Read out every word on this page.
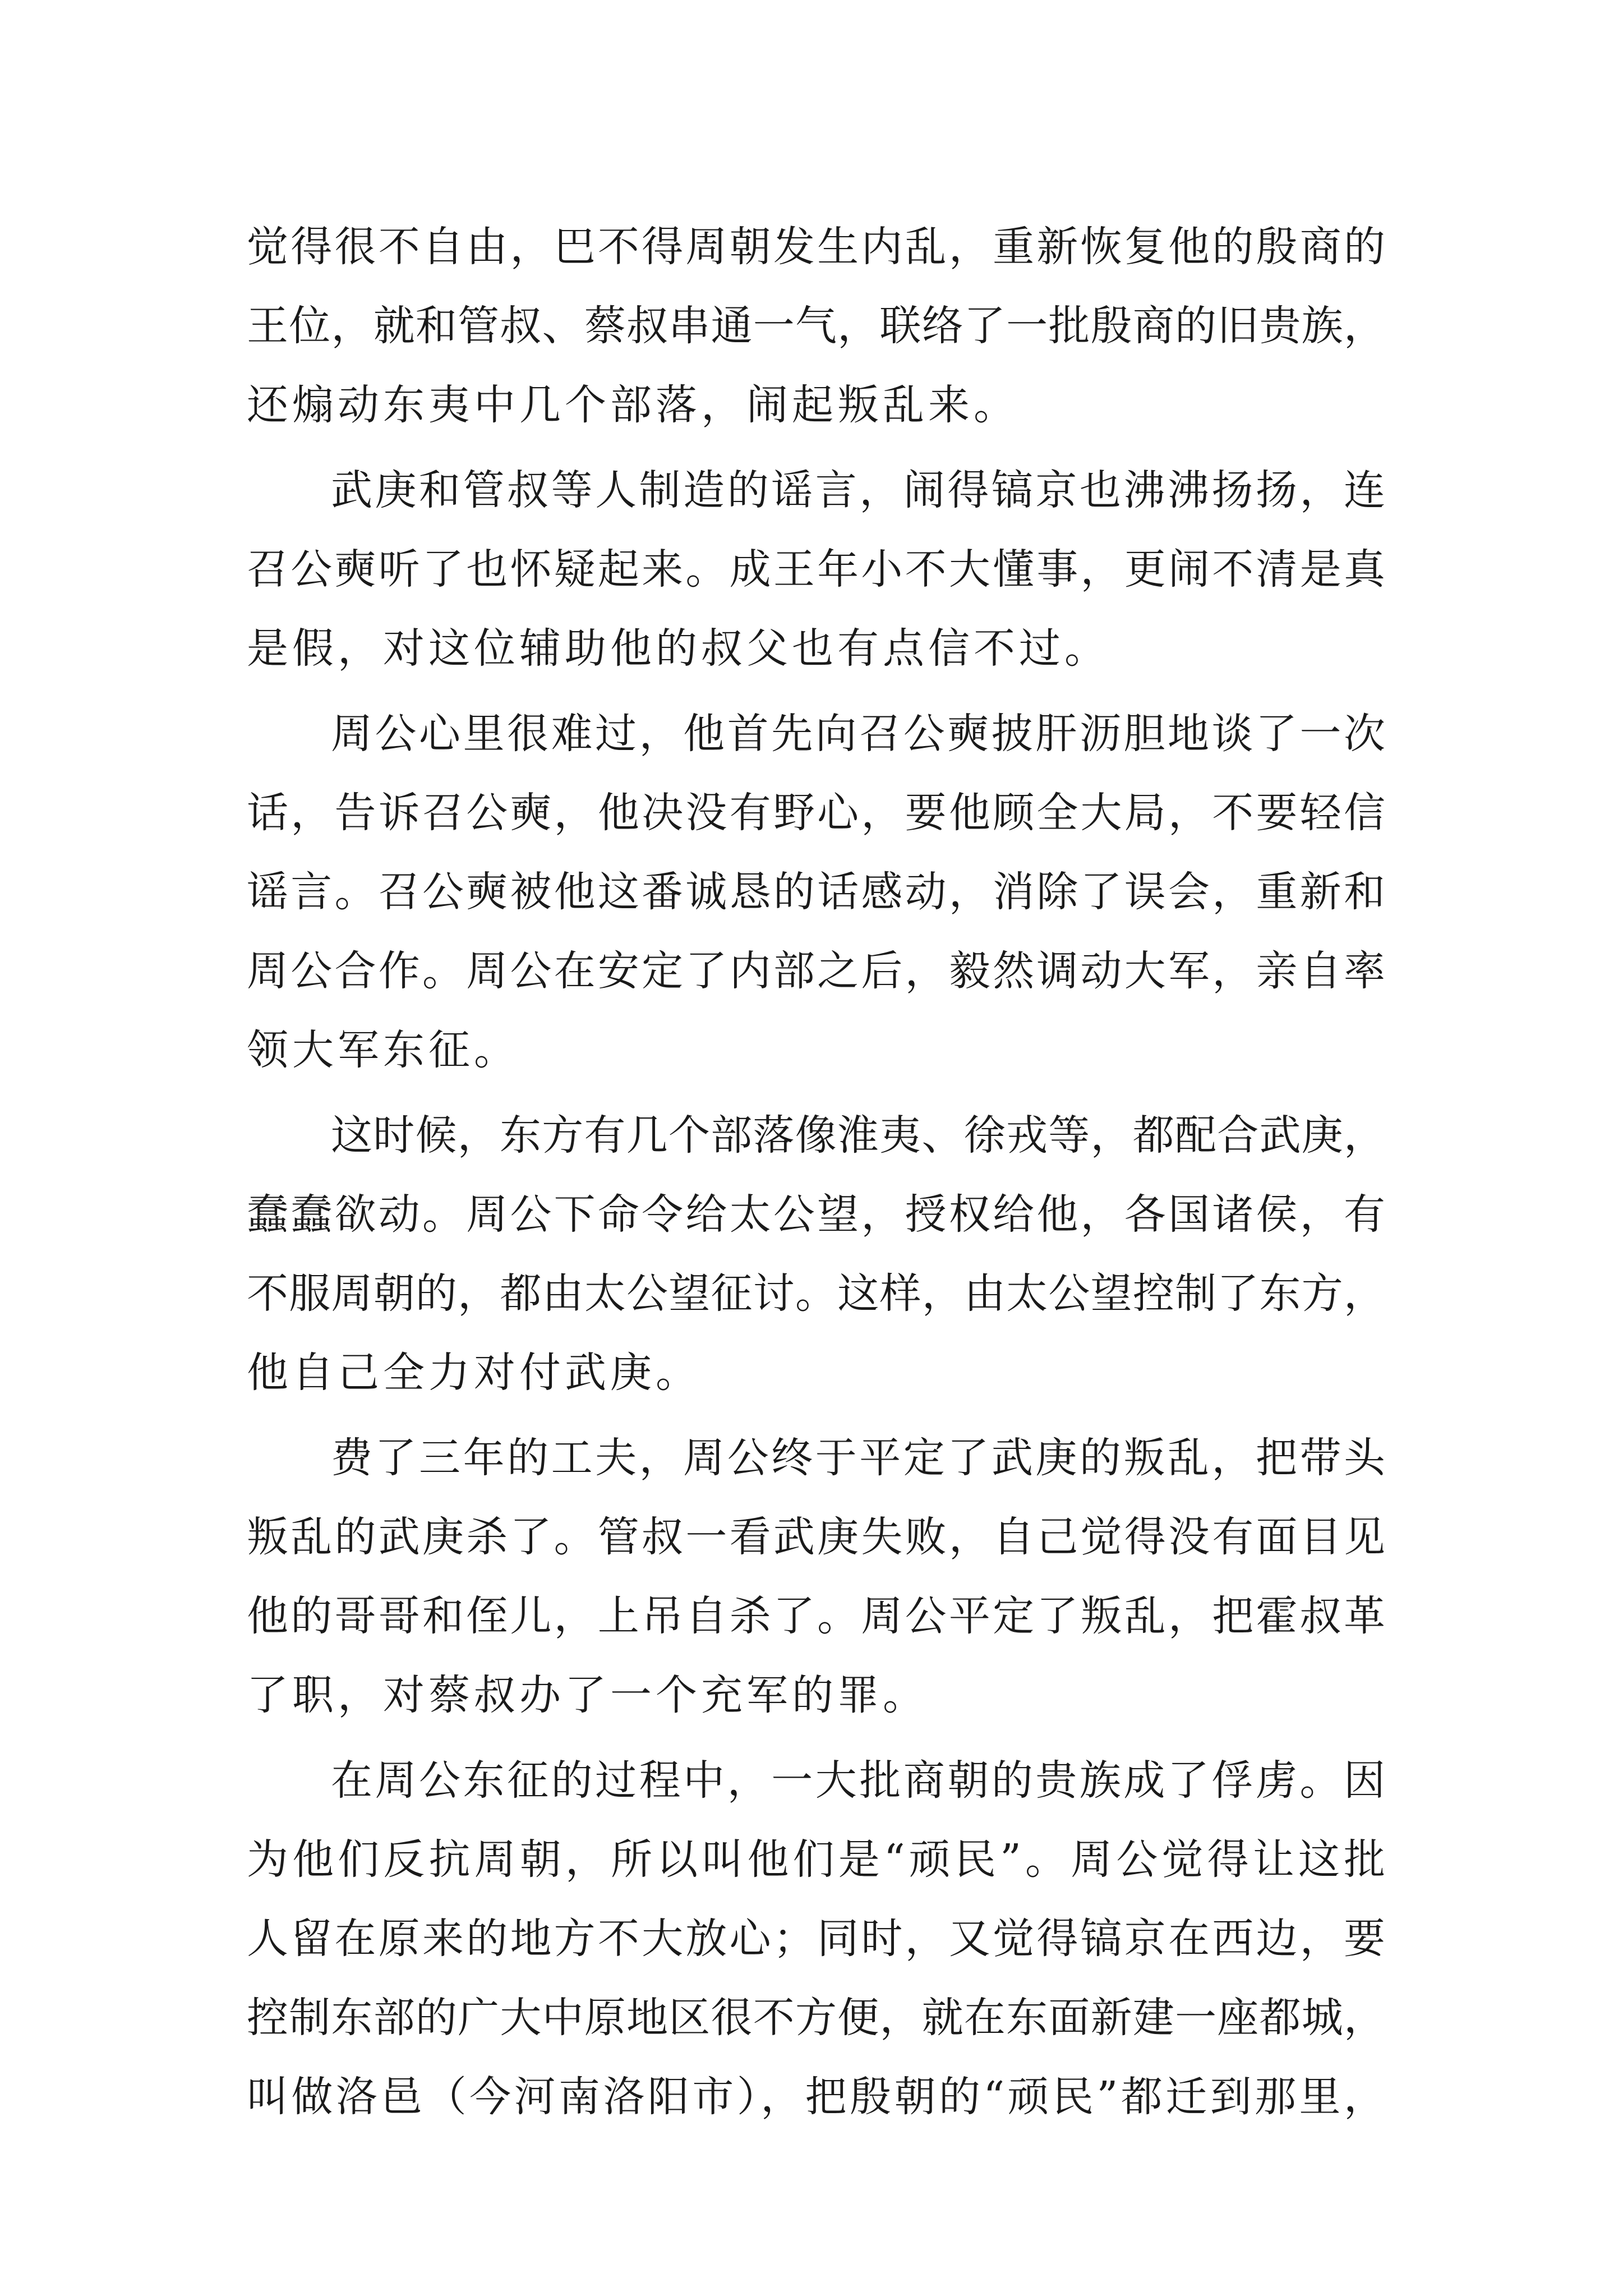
觉得很不自由，巴不得周朝发生内乱，重新恢复他的殷商的
王位，就和管叔、蔡叔串通一气，联络了一批殷商的旧贵族，
还煽动东夷中几个部落，闹起叛乱来。
武庚和管叔等人制造的谣言，闹得镐京也沸沸扬扬，连
召公奭听了也怀疑起来。成王年小不大懂事，更闹不清是真
是假，对这位辅助他的叔父也有点信不过。
周公心里很难过，他首先向召公奭披肝沥胆地谈了一次
话，告诉召公奭，他决没有野心，要他顾全大局，不要轻信
谣言。召公奭被他这番诚恳的话感动，消除了误会，重新和
周公合作。周公在安定了内部之后，毅然调动大军，亲自率
领大军东征。
这时候，东方有几个部落像淮夷、徐戎等，都配合武庚，
蠢蠢欲动。周公下命令给太公望，授权给他，各国诸侯，有
不服周朝的，都由太公望征讨。这样，由太公望控制了东方，
他自己全力对付武庚。
费了三年的工夫，周公终于平定了武庚的叛乱，把带头
叛乱的武庚杀了。管叔一看武庚失败，自己觉得没有面目见
他的哥哥和侄儿，上吊自杀了。周公平定了叛乱，把霍叔革
了职，对蔡叔办了一个充军的罪。
在周公东征的过程中，一大批商朝的贵族成了俘虏。因
为他们反抗周朝，所以叫他们是“顽民”。周公觉得让这批
人留在原来的地方不大放心；同时，又觉得镐京在西边，要
控制东部的广大中原地区很不方便，就在东面新建一座都城，
叫做洛邑（今河南洛阳市），把殷朝的“顽民”都迁到那里，
